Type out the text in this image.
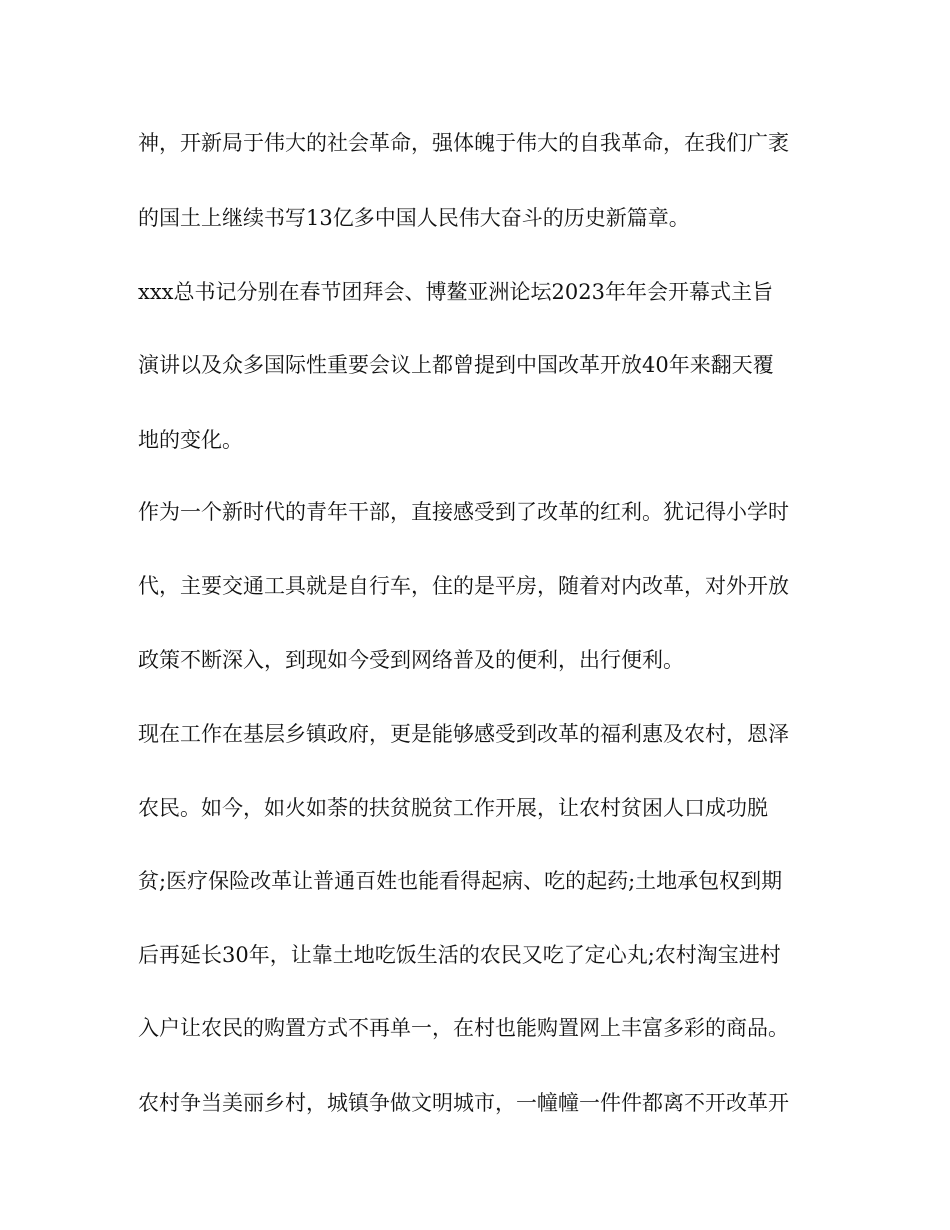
神，开新局于伟大的社会革命，强体魄于伟大的自我革命，在我们广袤
的国土上继续书写13亿多中国人民伟大奋斗的历史新篇章。
xxx总书记分别在春节团拜会、博鳌亚洲论坛2023年年会开幕式主旨
演讲以及众多国际性重要会议上都曾提到中国改革开放40年来翻天覆
地的变化。
作为一个新时代的青年干部，直接感受到了改革的红利。犹记得小学时
代，主要交通工具就是自行车，住的是平房，随着对内改革，对外开放
政策不断深入，到现如今受到网络普及的便利，出行便利。
现在工作在基层乡镇政府，更是能够感受到改革的福利惠及农村，恩泽
农民。如今，如火如荼的扶贫脱贫工作开展，让农村贫困人口成功脱
贫;医疗保险改革让普通百姓也能看得起病、吃的起药;土地承包权到期
后再延长30年，让靠土地吃饭生活的农民又吃了定心丸;农村淘宝进村
入户让农民的购置方式不再单一，在村也能购置网上丰富多彩的商品。
农村争当美丽乡村，城镇争做文明城市，一幢幢一件件都离不开改革开
